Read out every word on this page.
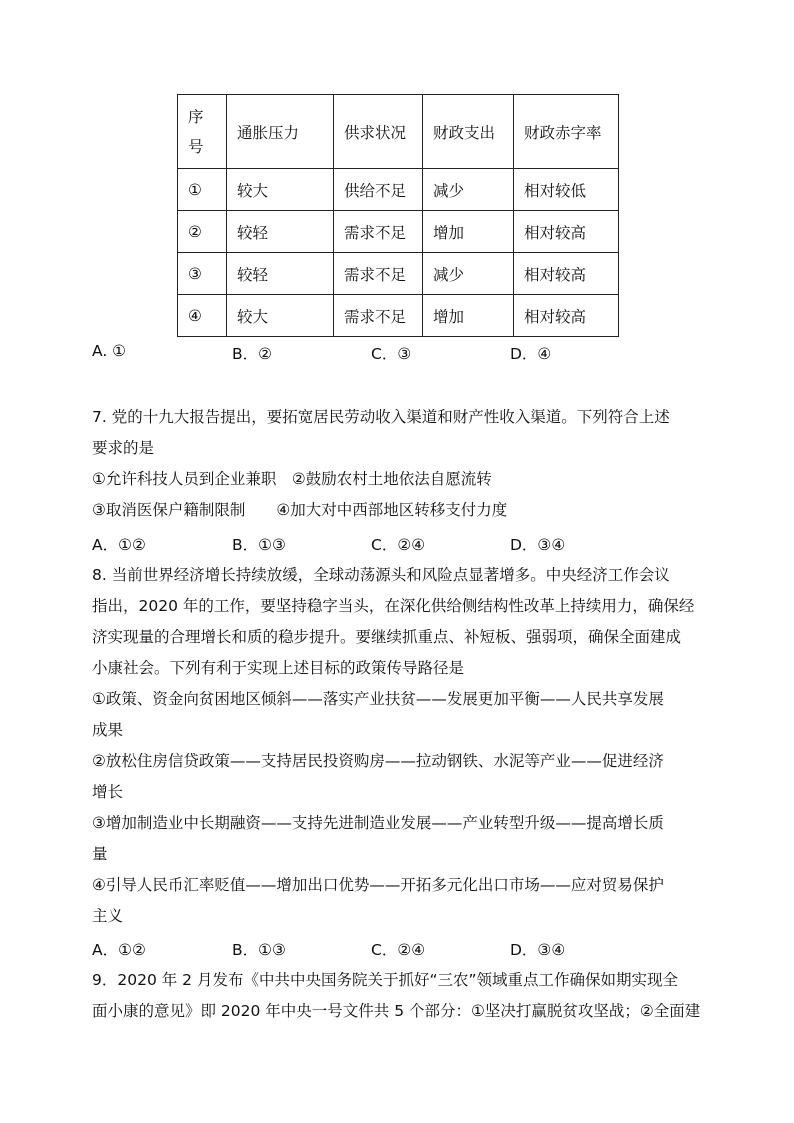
序号	通胀压力	供求状况	财政支出	财政赤字率
①	较大	供给不足	减少	相对较低
②	较轻	需求不足	增加	相对较高
③	较轻	需求不足	减少	相对较高
④	较大	需求不足	增加	相对较高
A. ①	B．②	C．③	D．④
7. 党的十九大报告提出，要拓宽居民劳动收入渠道和财产性收入渠道。下列符合上述
要求的是
①允许科技人员到企业兼职　②鼓励农村土地依法自愿流转
③取消医保户籍制限制　　④加大对中西部地区转移支付力度
A．①②	B．①③	C．②④	D．③④
8. 当前世界经济增长持续放缓，全球动荡源头和风险点显著增多。中央经济工作会议
指出，2020 年的工作，要坚持稳字当头，在深化供给侧结构性改革上持续用力，确保经
济实现量的合理增长和质的稳步提升。要继续抓重点、补短板、强弱项，确保全面建成
小康社会。下列有利于实现上述目标的政策传导路径是
①政策、资金向贫困地区倾斜——落实产业扶贫——发展更加平衡——人民共享发展
成果
②放松住房信贷政策——支持居民投资购房——拉动钢铁、水泥等产业——促进经济
增长
③增加制造业中长期融资——支持先进制造业发展——产业转型升级——提高增长质
量
④引导人民币汇率贬值——增加出口优势——开拓多元化出口市场——应对贸易保护
主义
A．①②	B．①③	C．②④	D．③④
9．2020 年 2 月发布《中共中央国务院关于抓好“三农”领域重点工作确保如期实现全
面小康的意见》即 2020 年中央一号文件共 5 个部分：①坚决打赢脱贫攻坚战；②全面建
